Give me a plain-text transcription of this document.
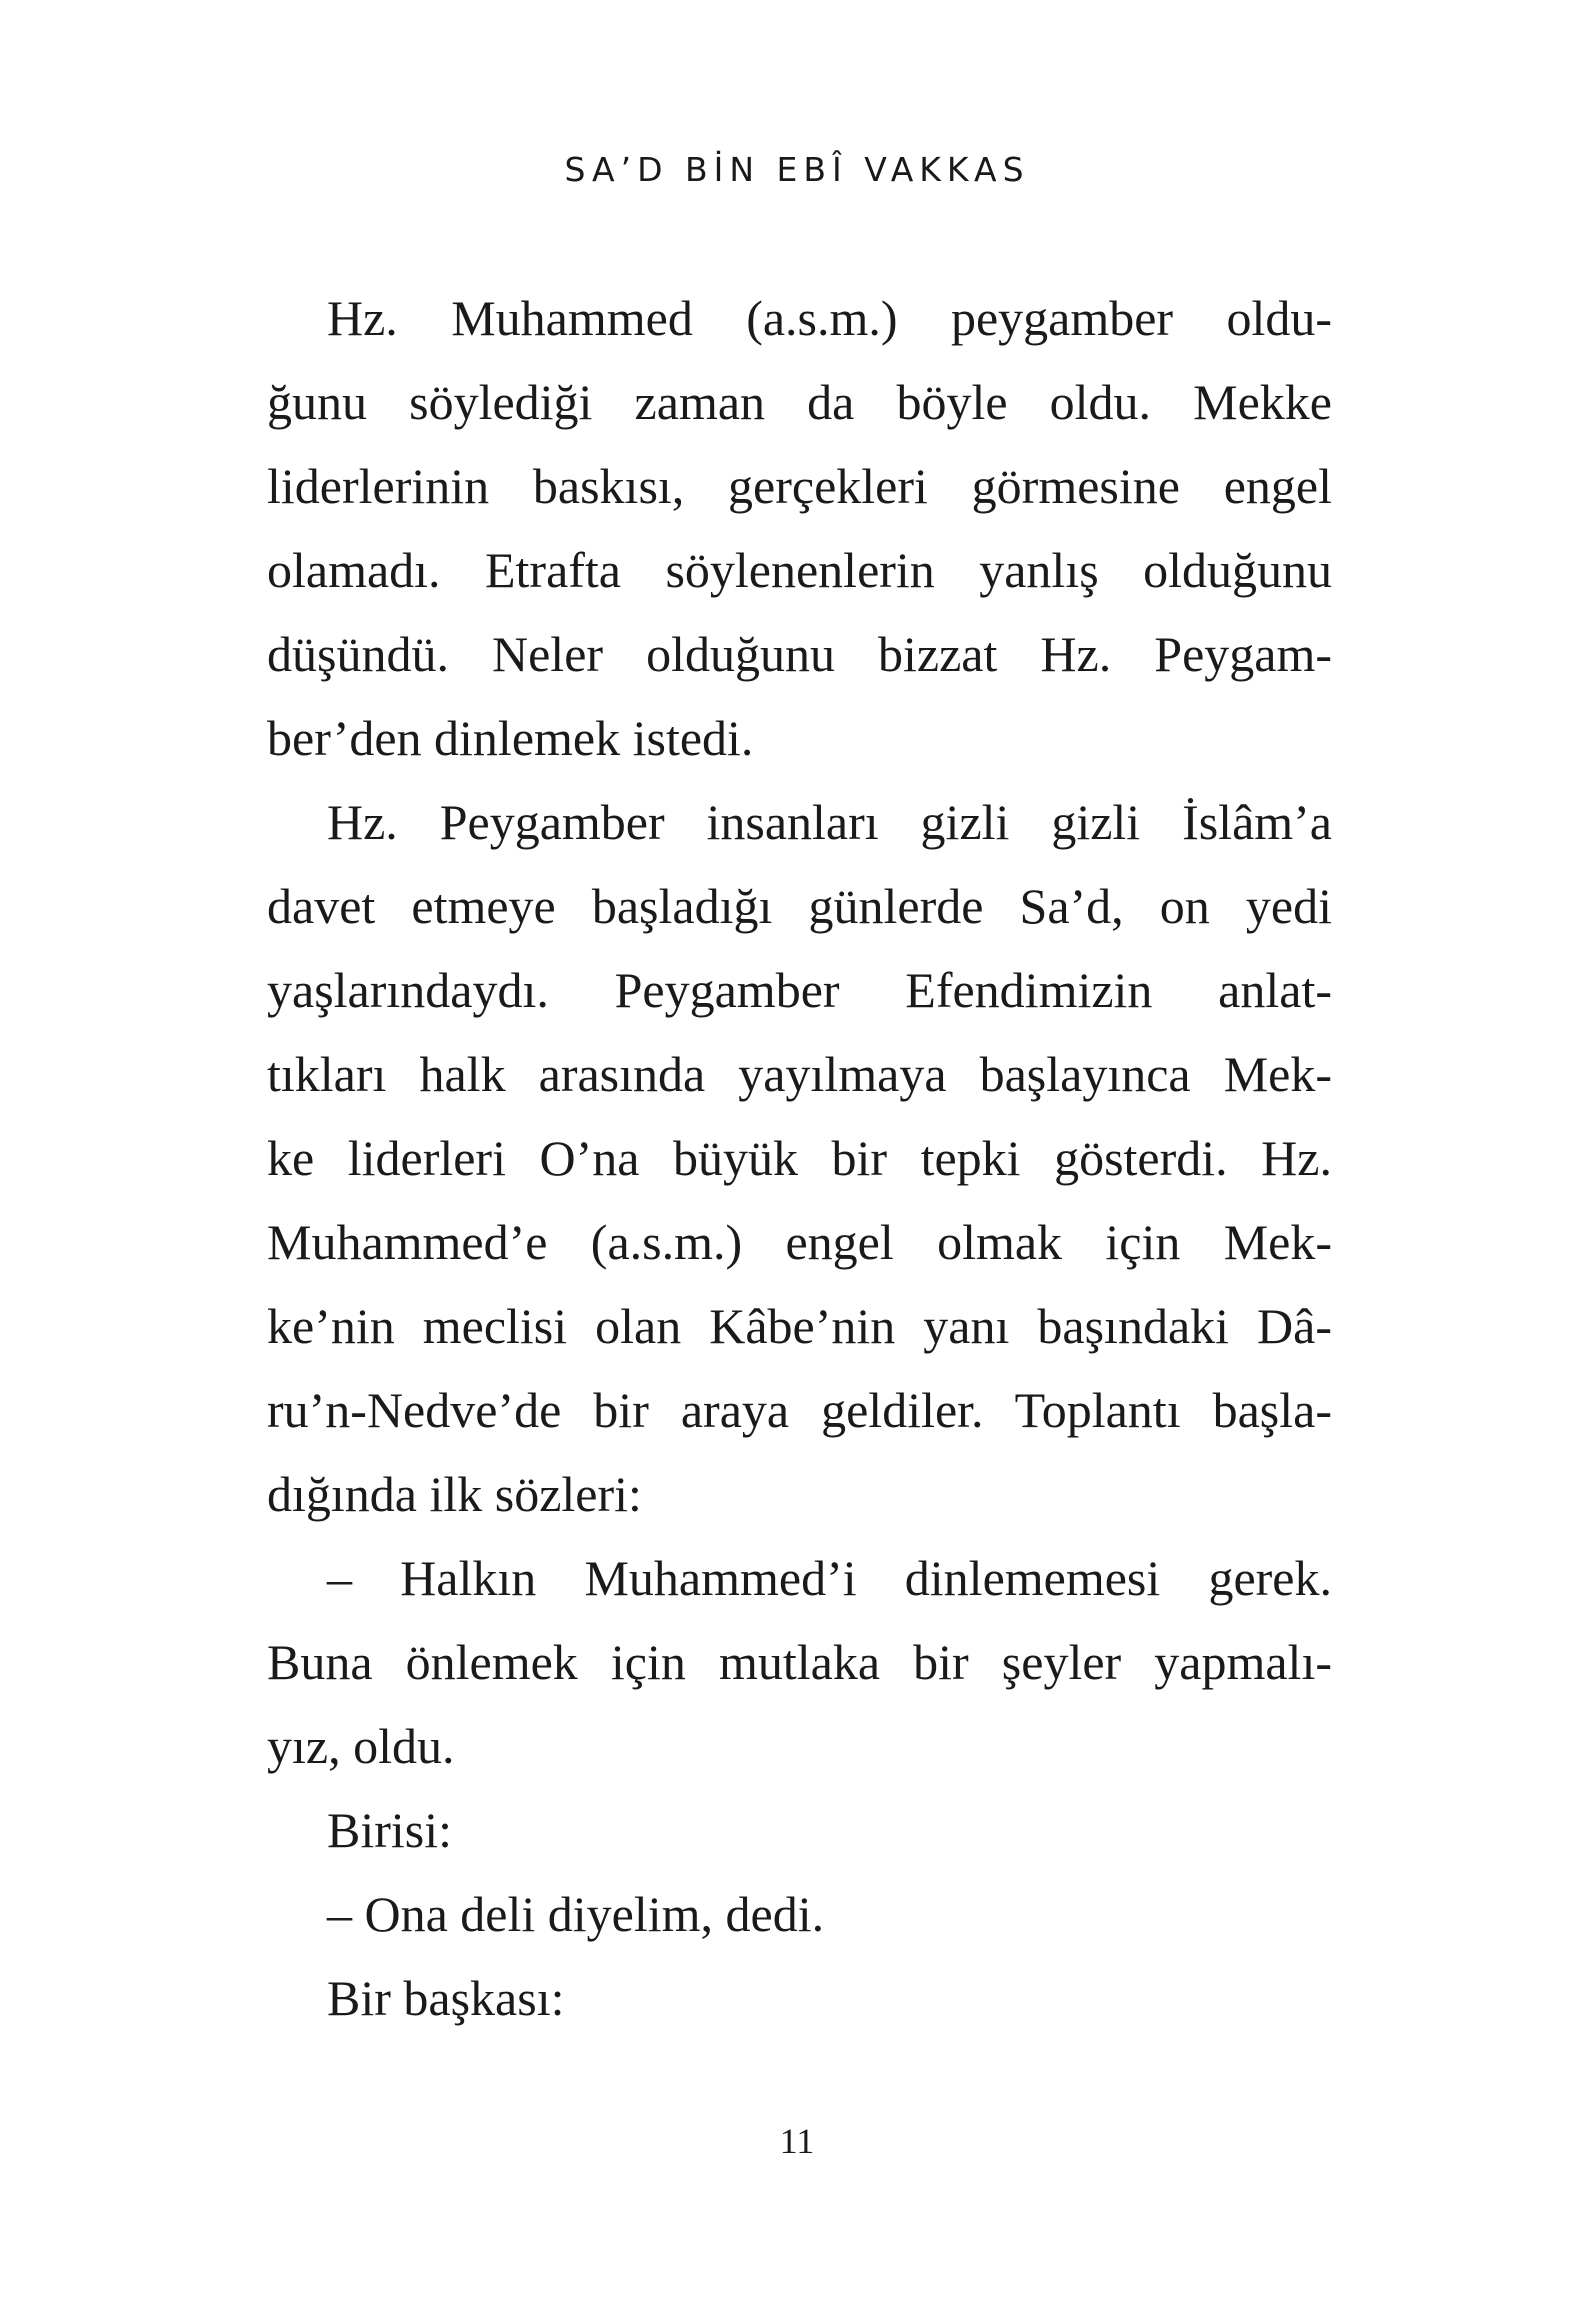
SA’D BİN EBÎ VAKKAS
Hz. Muhammed (a.s.m.) peygamber oldu-
ğunu söylediği zaman da böyle oldu. Mekke
liderlerinin baskısı, gerçekleri görmesine engel
olamadı. Etrafta söylenenlerin yanlış olduğunu
düşündü. Neler olduğunu bizzat Hz. Peygam-
ber’den dinlemek istedi.
Hz. Peygamber insanları gizli gizli İslâm’a
davet etmeye başladığı günlerde Sa’d, on yedi
yaşlarındaydı. Peygamber Efendimizin anlat-
tıkları halk arasında yayılmaya başlayınca Mek-
ke liderleri O’na büyük bir tepki gösterdi. Hz.
Muhammed’e (a.s.m.) engel olmak için Mek-
ke’nin meclisi olan Kâbe’nin yanı başındaki Dâ-
ru’n-Nedve’de bir araya geldiler. Toplantı başla-
dığında ilk sözleri:
– Halkın Muhammed’i dinlememesi gerek.
Buna önlemek için mutlaka bir şeyler yapmalı-
yız, oldu.
Birisi:
– Ona deli diyelim, dedi.
Bir başkası:
11
